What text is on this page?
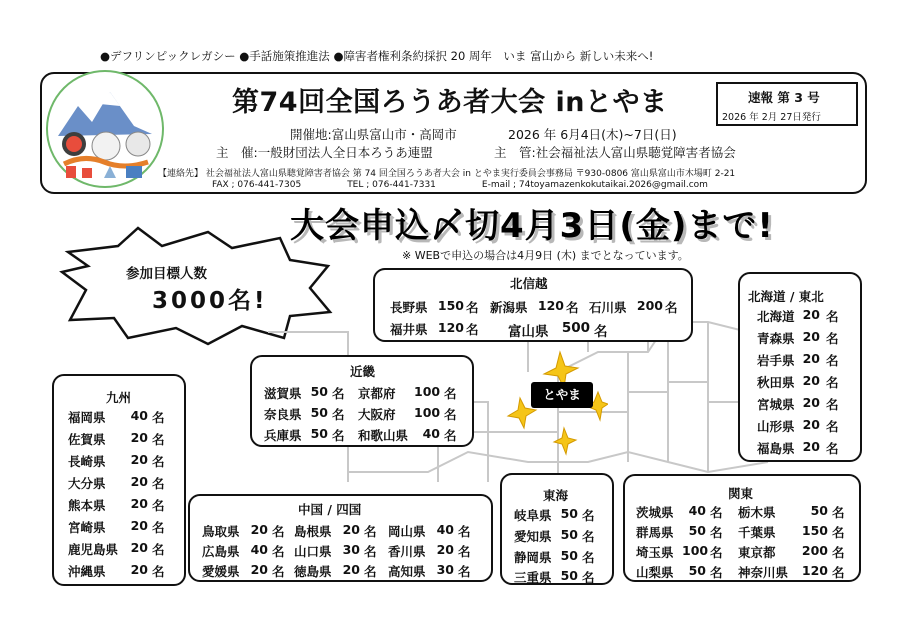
●デフリンピックレガシー ●手話施策推進法 ●障害者権利条約採択 20 周年　いま 富山から 新しい未来へ!
第74回全国ろうあ者大会 inとやま	速報 第 3 号
2026 年 2月 27日発行
開催地:富山県富山市・高岡市	2026 年 6月4日(木)~7日(日)
主　催:一般財団法人全日本ろうあ連盟	主　管:社会福祉法人富山県聴覚障害者協会
【連絡先】 社会福祉法人富山県聴覚障害者協会 第 74 回全国ろうあ者大会 in とやま実行委員会事務局 〒930-0806 富山県富山市木場町 2-21
FAX ; 076-441-7305	TEL ; 076-441-7331	E-mail ; 74toyamazenkokutaikai.2026@gmail.com
大会申込〆切4月3日(金)まで!
※ WEBで申込の場合は4月9日 (木) までとなっています。
参加目標人数
3000名!
とやま
北信越
長野県 150 名 新潟県 120 名 石川県 200 名
福井県 120 名 富山県 500 名
北海道 / 東北
北海道 20 名
青森県 20 名
岩手県 20 名
秋田県 20 名
宮城県 20 名
山形県 20 名
福島県 20 名
近畿
滋賀県 50 名 京都府 100 名
奈良県 50 名 大阪府 100 名
兵庫県 50 名 和歌山県 40 名
九州
福岡県 40 名
佐賀県 20 名
長崎県 20 名
大分県 20 名
熊本県 20 名
宮崎県 20 名
鹿児島県 20 名
沖縄県 20 名
中国 / 四国
鳥取県 20 名 島根県 20 名 岡山県 40 名
広島県 40 名 山口県 30 名 香川県 20 名
愛媛県 20 名 徳島県 20 名 高知県 30 名
東海
岐阜県 50 名
愛知県 50 名
静岡県 50 名
三重県 50 名
関東
茨城県	40 名 栃木県	50 名
群馬県	50 名 千葉県	150 名
埼玉県 100 名 東京都	200 名
山梨県	50 名 神奈川県	120 名
